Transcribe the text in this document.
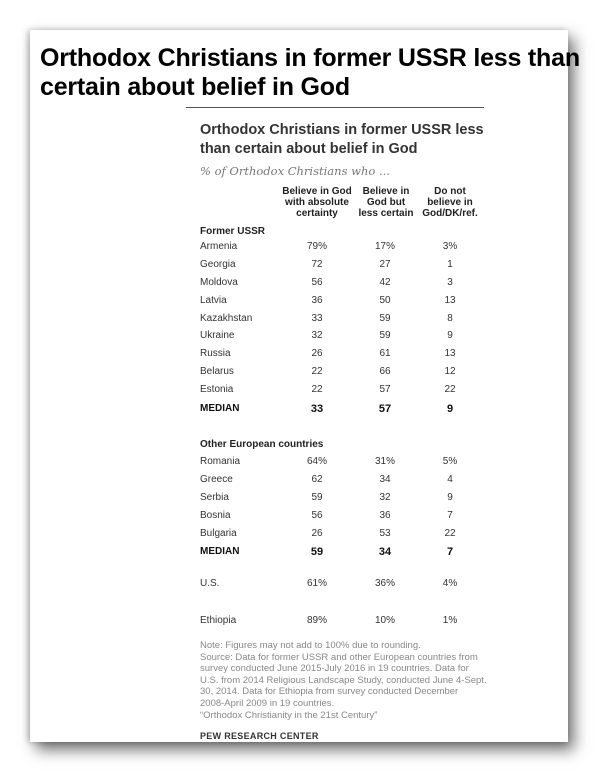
Orthodox Christians in former USSR less than certain about belief in God
Orthodox Christians in former USSR less than certain about belief in God
% of Orthodox Christians who ...
Believe in God
with absolute
certainty
Believe in
God but
less certain
Do not
believe in
God/DK/ref.
Former USSR
Armenia	79%	17%	3%
Georgia	72	27	1
Moldova	56	42	3
Latvia	36	50	13
Kazakhstan	33	59	8
Ukraine	32	59	9
Russia	26	61	13
Belarus	22	66	12
Estonia	22	57	22
MEDIAN	33	57	9
Other European countries
Romania	64%	31%	5%
Greece	62	34	4
Serbia	59	32	9
Bosnia	56	36	7
Bulgaria	26	53	22
MEDIAN	59	34	7
U.S.	61%	36%	4%
Ethiopia	89%	10%	1%
Note: Figures may not add to 100% due to rounding.
Source: Data for former USSR and other European countries from
survey conducted June 2015-July 2016 in 19 countries. Data for
U.S. from 2014 Religious Landscape Study, conducted June 4-Sept.
30, 2014. Data for Ethiopia from survey conducted December
2008-April 2009 in 19 countries.
“Orthodox Christianity in the 21st Century”
PEW RESEARCH CENTER
